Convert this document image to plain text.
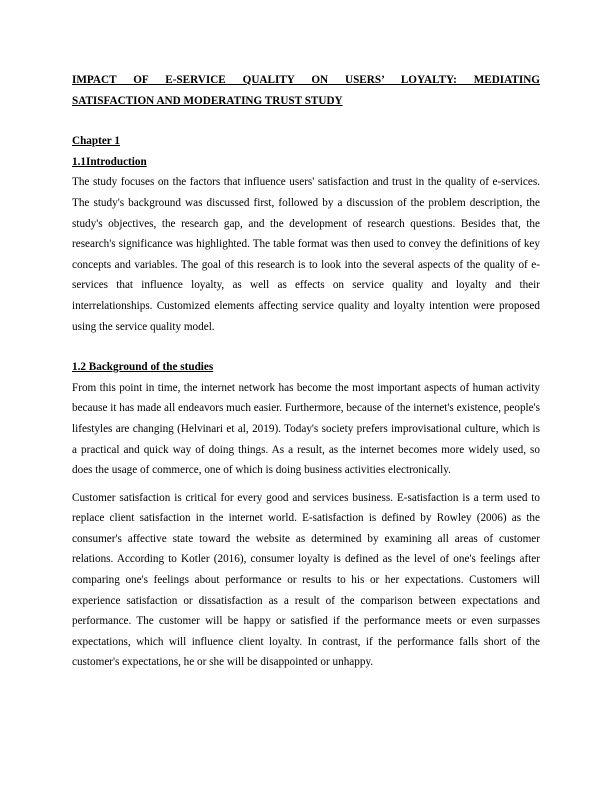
IMPACT OF E-SERVICE QUALITY ON USERS’ LOYALTY: MEDIATING
SATISFACTION AND MODERATING TRUST STUDY

Chapter 1

1.1Introduction

The study focuses on the factors that influence users' satisfaction and trust in the quality of e-services. The study's background was discussed first, followed by a discussion of the problem description, the study's objectives, the research gap, and the development of research questions. Besides that, the research's significance was highlighted. The table format was then used to convey the definitions of key concepts and variables. The goal of this research is to look into the several aspects of the quality of e-services that influence loyalty, as well as effects on service quality and loyalty and their interrelationships. Customized elements affecting service quality and loyalty intention were proposed using the service quality model.

1.2 Background of the studies

From this point in time, the internet network has become the most important aspects of human activity because it has made all endeavors much easier. Furthermore, because of the internet's existence, people's lifestyles are changing (Helvinari et al, 2019). Today's society prefers improvisational culture, which is a practical and quick way of doing things. As a result, as the internet becomes more widely used, so does the usage of commerce, one of which is doing business activities electronically.

Customer satisfaction is critical for every good and services business. E-satisfaction is a term used to replace client satisfaction in the internet world. E-satisfaction is defined by Rowley (2006) as the consumer's affective state toward the website as determined by examining all areas of customer relations. According to Kotler (2016), consumer loyalty is defined as the level of one's feelings after comparing one's feelings about performance or results to his or her expectations. Customers will experience satisfaction or dissatisfaction as a result of the comparison between expectations and performance. The customer will be happy or satisfied if the performance meets or even surpasses expectations, which will influence client loyalty. In contrast, if the performance falls short of the customer's expectations, he or she will be disappointed or unhappy.
